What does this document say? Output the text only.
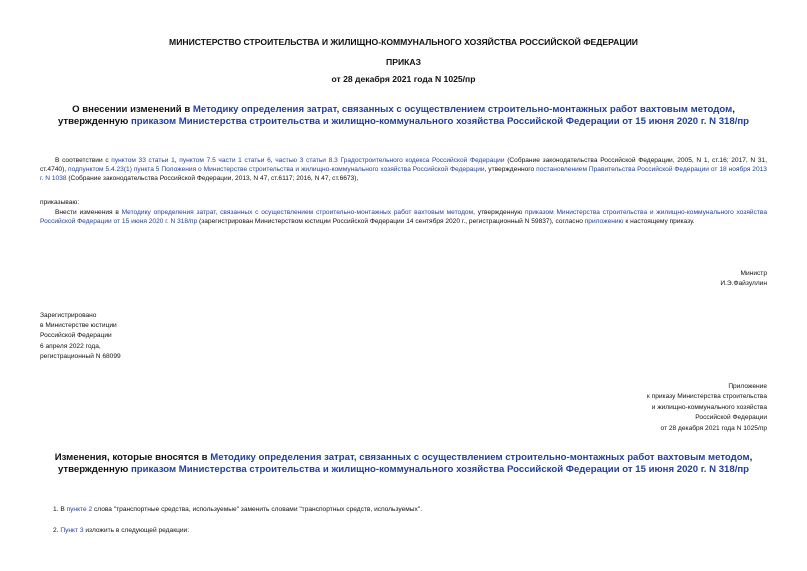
МИНИСТЕРСТВО СТРОИТЕЛЬСТВА И ЖИЛИЩНО-КОММУНАЛЬНОГО ХОЗЯЙСТВА РОССИЙСКОЙ ФЕДЕРАЦИИ
ПРИКАЗ
от 28 декабря 2021 года N 1025/пр
О внесении изменений в Методику определения затрат, связанных с осуществлением строительно-монтажных работ вахтовым методом, утвержденную приказом Министерства строительства и жилищно-коммунального хозяйства Российской Федерации от 15 июня 2020 г. N 318/пр
В соответствии с пунктом 33 статьи 1, пунктом 7.5 части 1 статьи 6, частью 3 статьи 8.3 Градостроительного кодекса Российской Федерации (Собрание законодательства Российской Федерации, 2005, N 1, ст.16; 2017, N 31, ст.4740), подпунктом 5.4.23(1) пункта 5 Положения о Министерстве строительства и жилищно-коммунального хозяйства Российской Федерации, утвержденного постановлением Правительства Российской Федерации от 18 ноября 2013 г. N 1038 (Собрание законодательства Российской Федерации, 2013, N 47, ст.6117; 2016, N 47, ст.6673),
приказываю:
Внести изменения в Методику определения затрат, связанных с осуществлением строительно-монтажных работ вахтовым методом, утвержденную приказом Министерства строительства и жилищно-коммунального хозяйства Российской Федерации от 15 июня 2020 г. N 318/пр (зарегистрирован Министерством юстиции Российской Федерации 14 сентября 2020 г., регистрационный N 59837), согласно приложению к настоящему приказу.
Министр
И.Э.Файзуллин
Зарегистрировано
в Министерстве юстиции
Российской Федерации
6 апреля 2022 года,
регистрационный N 68099
Приложение
к приказу Министерства строительства
и жилищно-коммунального хозяйства
Российской Федерации
от 28 декабря 2021 года N 1025/пр
Изменения, которые вносятся в Методику определения затрат, связанных с осуществлением строительно-монтажных работ вахтовым методом, утвержденную приказом Министерства строительства и жилищно-коммунального хозяйства Российской Федерации от 15 июня 2020 г. N 318/пр
1. В пункте 2 слова "транспортные средства, используемые" заменить словами "транспортных средств, используемых".
2. Пункт 3 изложить в следующей редакции:
